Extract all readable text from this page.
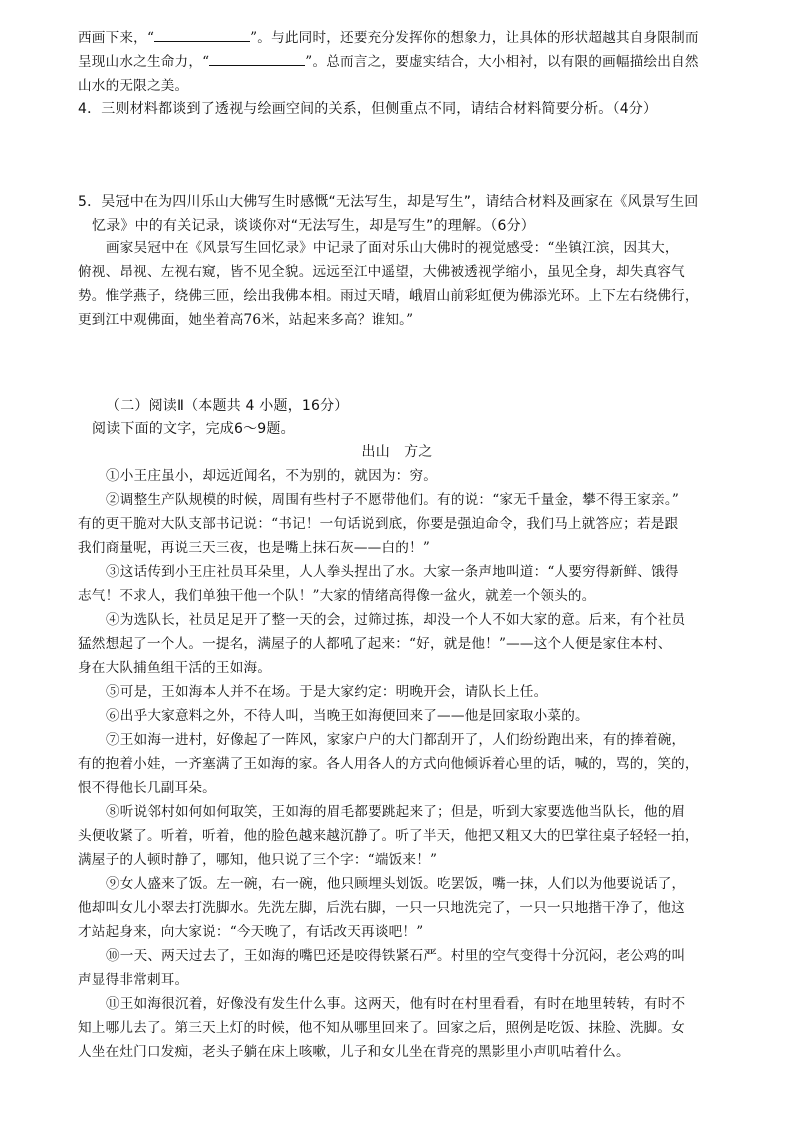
西画下来，“	”。与此同时，还要充分发挥你的想象力，让具体的形状超越其自身限制而
呈现山水之生命力，“	”。总而言之，要虚实结合，大小相衬，以有限的画幅描绘出自然
山水的无限之美。
4．三则材料都谈到了透视与绘画空间的关系，但侧重点不同，请结合材料简要分析。（4分）
5．吴冠中在为四川乐山大佛写生时感慨“无法写生，却是写生”，请结合材料及画家在《风景写生回
忆录》中的有关记录，谈谈你对“无法写生，却是写生”的理解。（6分）
画家吴冠中在《风景写生回忆录》中记录了面对乐山大佛时的视觉感受：“坐镇江滨，因其大，
俯视、昂视、左视右窥，皆不见全貌。远远至江中遥望，大佛被透视学缩小，虽见全身，却失真容气
势。惟学燕子，绕佛三匝，绘出我佛本相。雨过天晴，峨眉山前彩虹便为佛添光环。上下左右绕佛行，
更到江中观佛面，她坐着高76米，站起来多高？谁知。”
（二）阅读Ⅱ（本题共 4 小题，16分）
阅读下面的文字，完成6～9题。
出山　方之
①小王庄虽小，却远近闻名，不为别的，就因为：穷。
②调整生产队规模的时候，周围有些村子不愿带他们。有的说：“家无千量金，攀不得王家亲。”
有的更干脆对大队支部书记说：“书记！一句话说到底，你要是强迫命令，我们马上就答应；若是跟
我们商量呢，再说三天三夜，也是嘴上抹石灰——白的！”
③这话传到小王庄社员耳朵里，人人拳头捏出了水。大家一条声地叫道：“人要穷得新鲜、饿得
志气！不求人，我们单独干他一个队！”大家的情绪高得像一盆火，就差一个领头的。
④为选队长，社员足足开了整一天的会，过筛过拣，却没一个人不如大家的意。后来，有个社员
猛然想起了一个人。一提名，满屋子的人都吼了起来：“好，就是他！”——这个人便是家住本村、
身在大队捕鱼组干活的王如海。
⑤可是，王如海本人并不在场。于是大家约定：明晚开会，请队长上任。
⑥出乎大家意料之外，不待人叫，当晚王如海便回来了——他是回家取小菜的。
⑦王如海一进村，好像起了一阵风，家家户户的大门都刮开了，人们纷纷跑出来，有的捧着碗，
有的抱着小娃，一齐塞满了王如海的家。各人用各人的方式向他倾诉着心里的话，喊的，骂的，笑的，
恨不得他长几副耳朵。
⑧听说邻村如何如何取笑，王如海的眉毛都要跳起来了；但是，听到大家要选他当队长，他的眉
头便收紧了。听着，听着，他的脸色越来越沉静了。听了半天，他把又粗又大的巴掌往桌子轻轻一拍，
满屋子的人顿时静了，哪知，他只说了三个字：“端饭来！”
⑨女人盛来了饭。左一碗，右一碗，他只顾埋头划饭。吃罢饭，嘴一抹，人们以为他要说话了，
他却叫女儿小翠去打洗脚水。先洗左脚，后洗右脚，一只一只地洗完了，一只一只地揩干净了，他这
才站起身来，向大家说：“今天晚了，有话改天再谈吧！”
⑩一天、两天过去了，王如海的嘴巴还是咬得铁紧石严。村里的空气变得十分沉闷，老公鸡的叫
声显得非常刺耳。
⑪王如海很沉着，好像没有发生什么事。这两天，他有时在村里看看，有时在地里转转，有时不
知上哪儿去了。第三天上灯的时候，他不知从哪里回来了。回家之后，照例是吃饭、抹脸、洗脚。女
人坐在灶门口发痴，老头子躺在床上咳嗽，儿子和女儿坐在背亮的黑影里小声叽咕着什么。
